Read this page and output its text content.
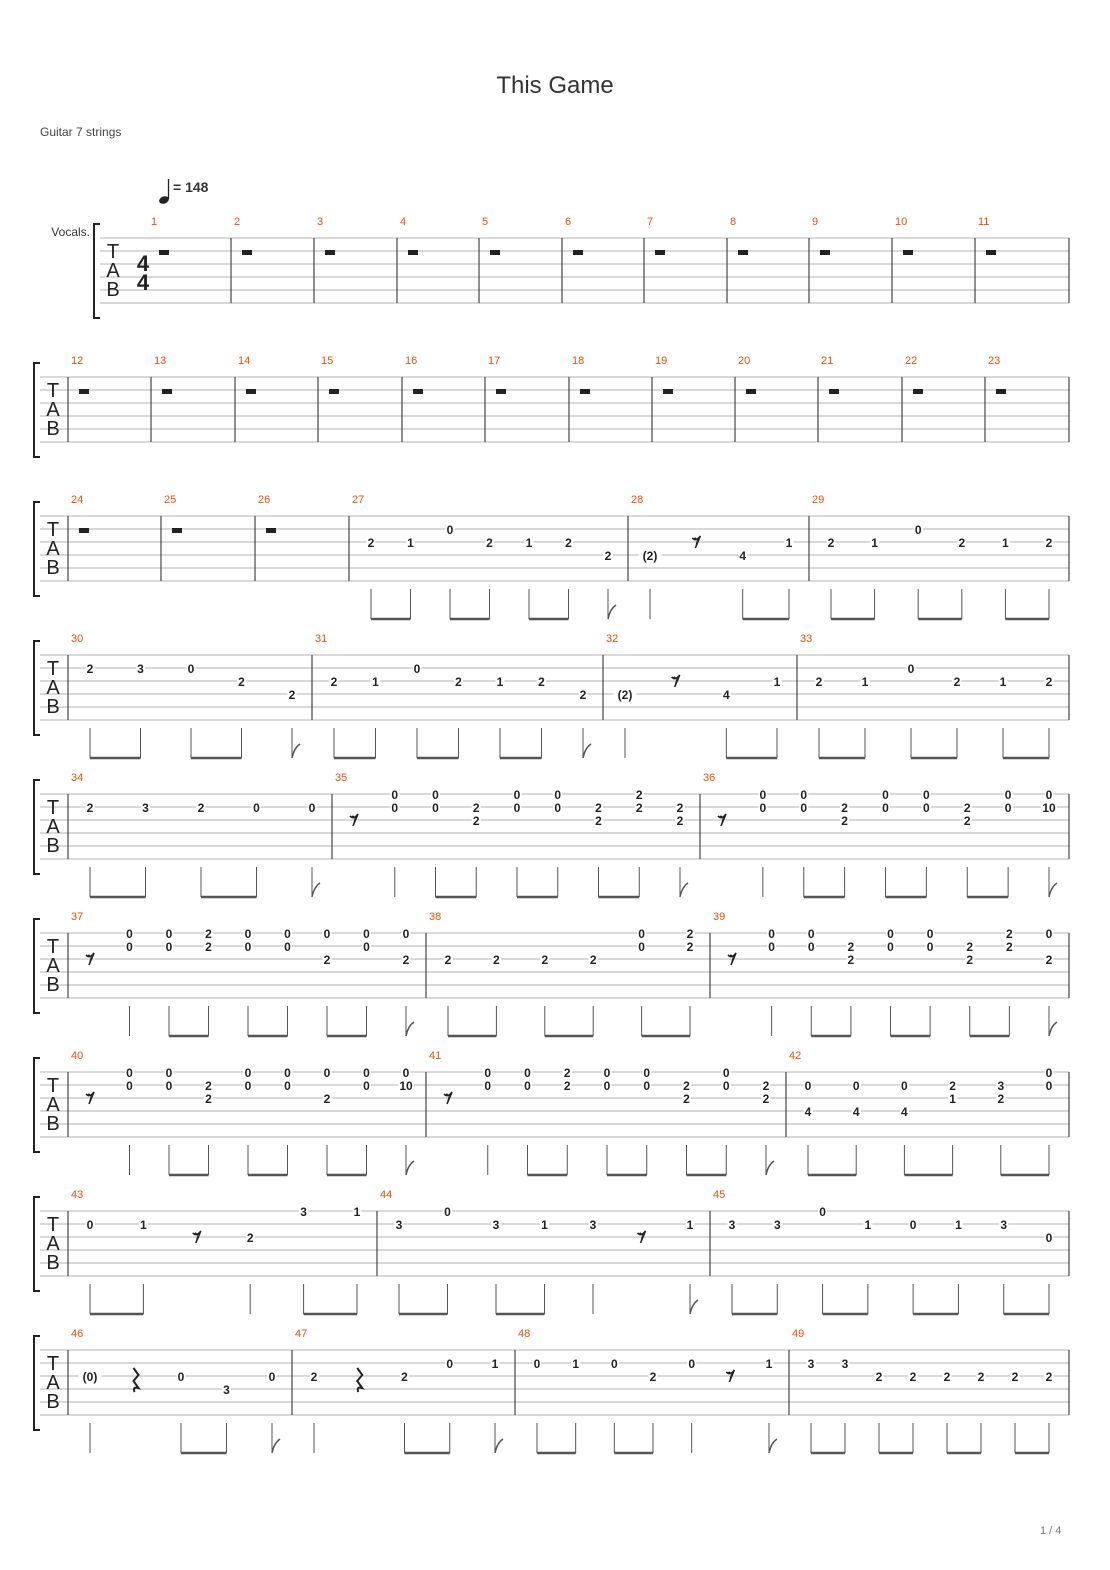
This Game
Guitar 7 strings
= 148
T
A
B
Vocals.
4
4
1	2	3	4	5	6	7	8	9	10	11
T
A
B
12	13	14	15	16	17	18	19	20	21	22	23
T
A
B
24	25	26	27
2	1
0
2	1	2
2
28
(2)
𝄾
4
1
29
2	1
0
2	1	2
T
A
B
30
2	3	0
2
2
31
2	1
0
2	1	2
2
32
(2)
𝄾
4
1
33
2	1
0
2	1	2
T
A
B
34
2	3	2	0	0
35
𝄾
0
0
0
0	2
2
0
0
0
0	2
2
2
2	2
2
36
𝄾
0
0
0
0	2
2
0
0
0
0	2
2
0
0
0
10
T
A
B
37
𝄾
0
0
0
0
2
2
0
0
0
0
0
2
0
0
0
2
38
2	2	2	2
0
0
2
2
39
𝄾
0
0
0
0	2
2
0
0
0
0	2
2
2
2
0
2
T
A
B
40
𝄾
0
0
0
0	2
2
0
0
0
0
0
2
0
0
0
10
41
𝄾
0
0
0
0
2
2
0
0
0
0	2
2
0
0	2
2
42
0
4
0
4
0
4
2
1
3
2
0
0
T
A
B
43
0	1
𝄾	2
3	1
44
3
0
3	1	3
𝄾
1
45
3	3
0
1	0	1	3
0
T
A
B
46
(0)	0
3
0
47
2	2
0	1
48
0	1	0
2
0
𝄾
1
49
3 3
2 2 2 2 2 2
1 / 4
